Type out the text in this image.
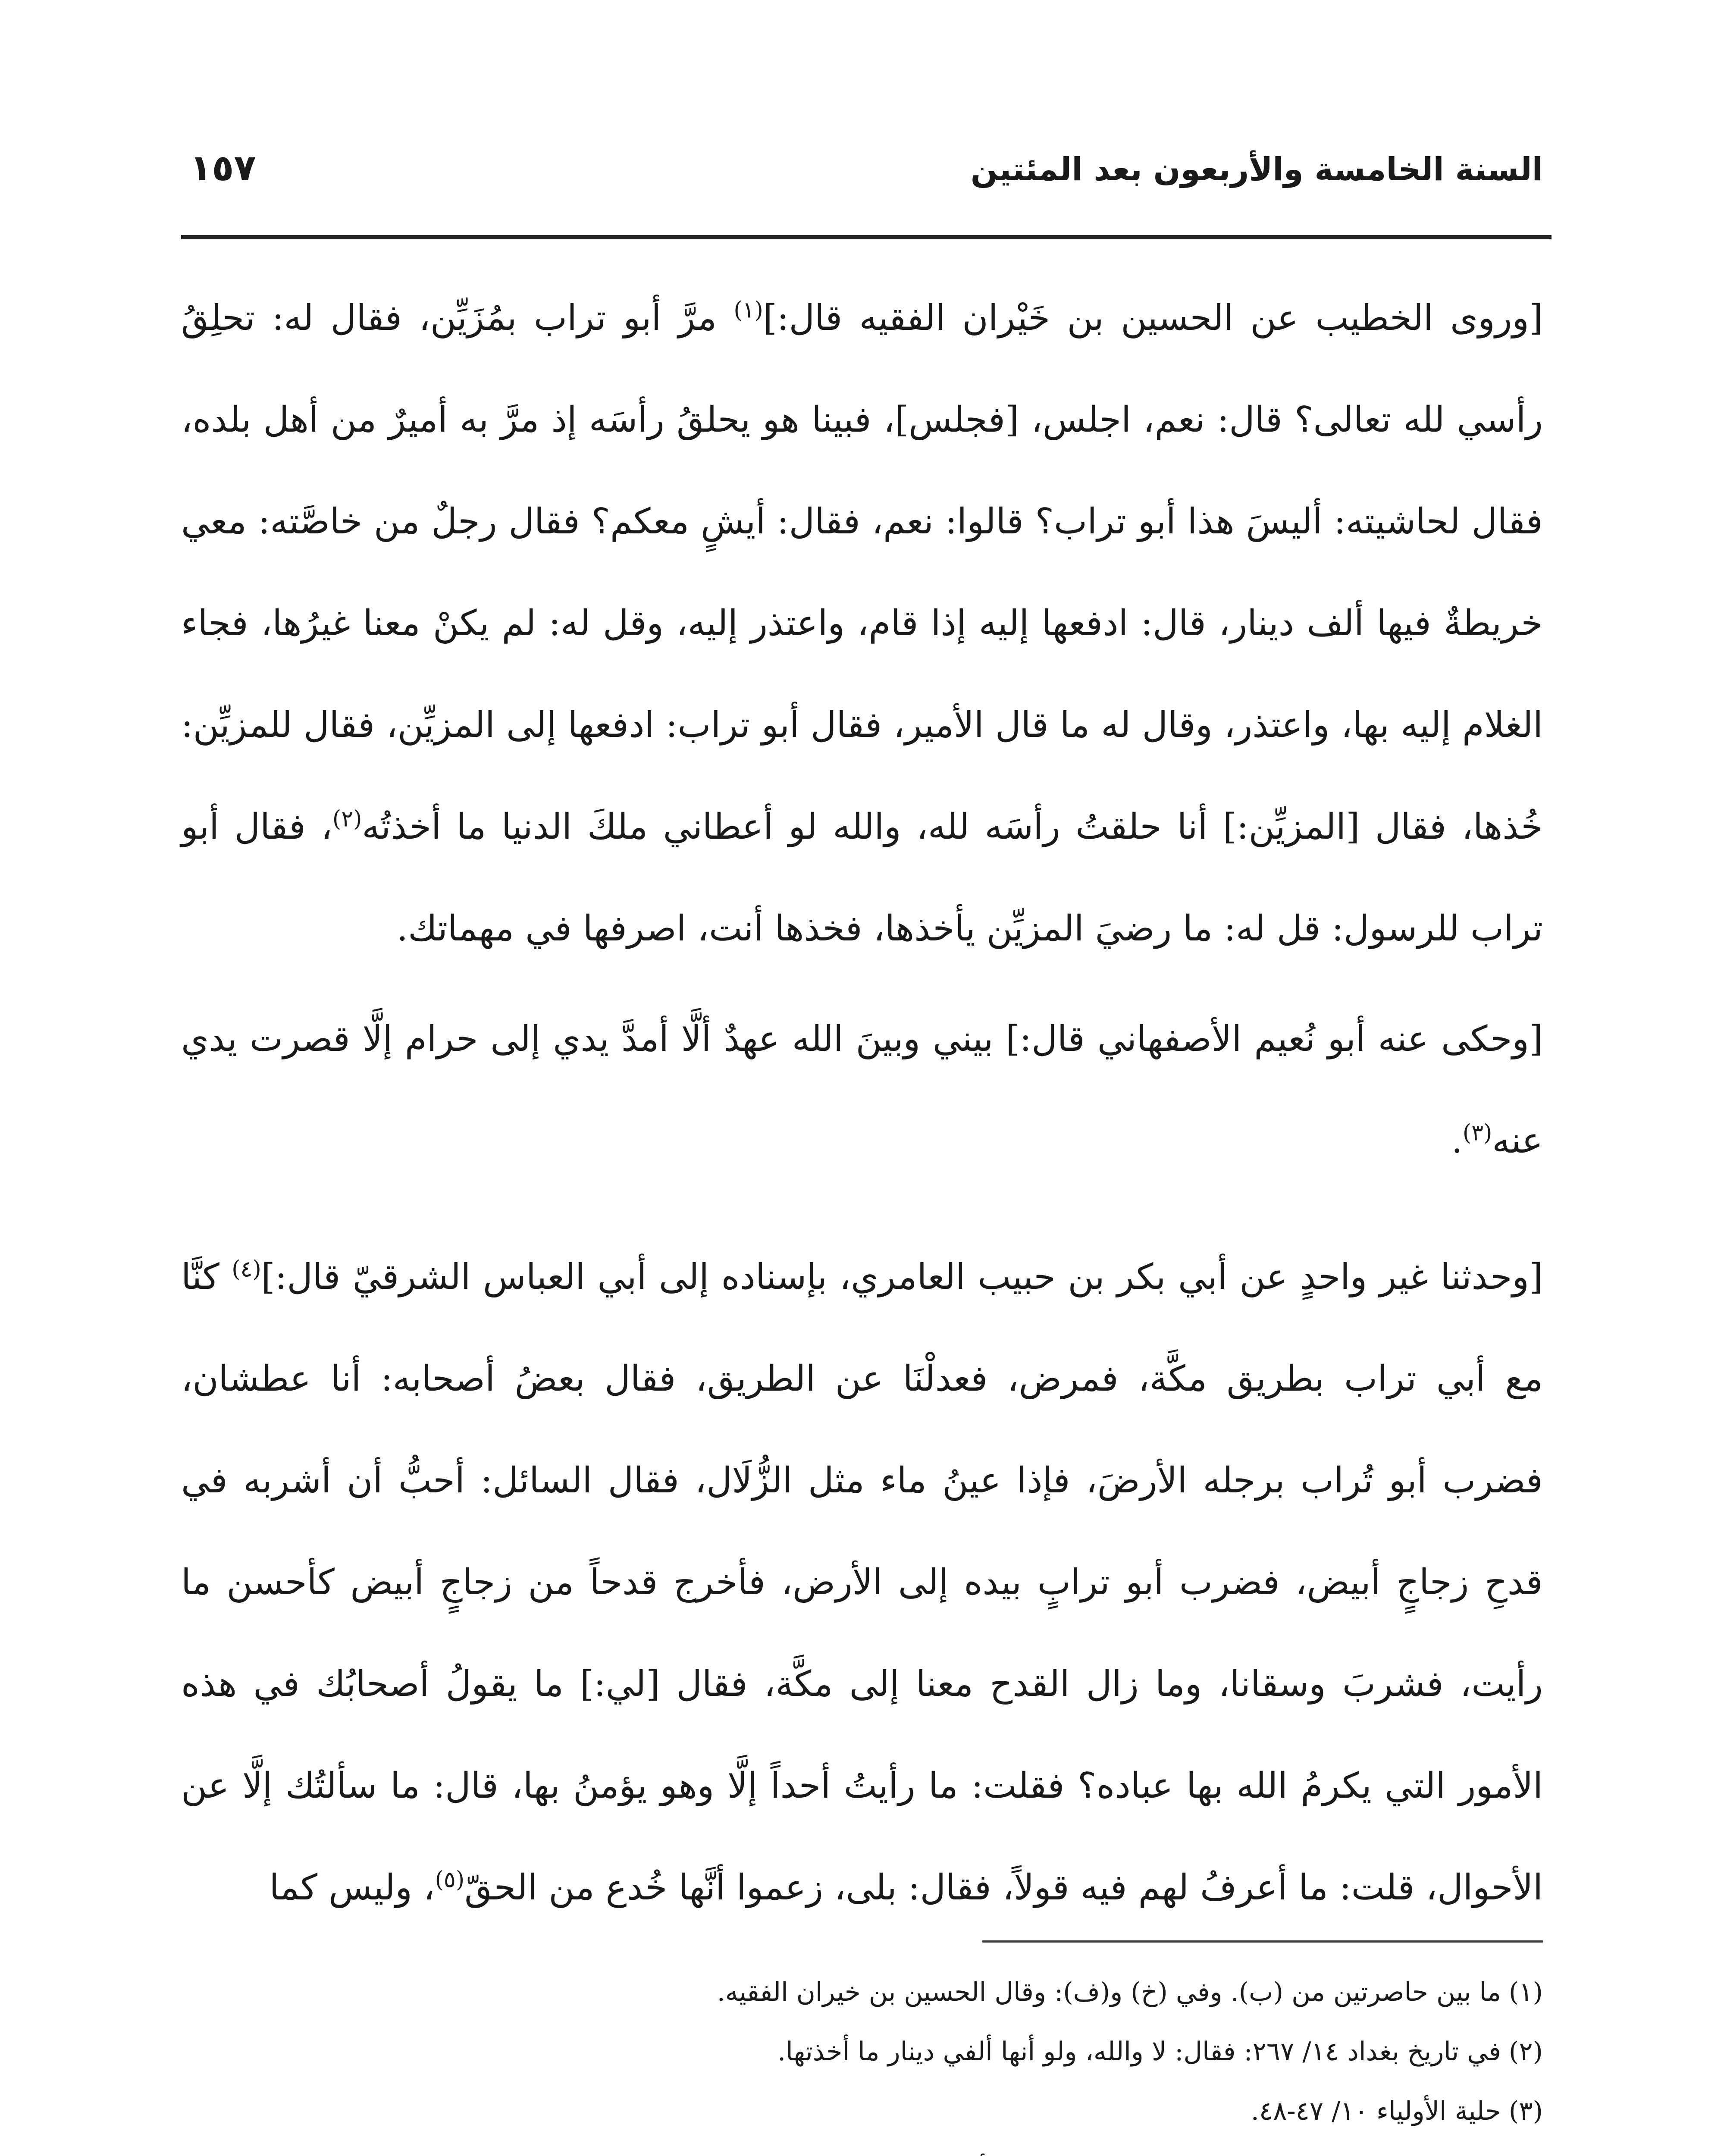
السنة الخامسة والأربعون بعد المئتين
١٥٧

[وروى الخطيب عن الحسين بن خَيْران الفقيه قال:]$^{(١)}$ مرَّ أبو تراب بمُزَيِّن، فقال له: تحلِقُ رأسي لله تعالى؟ قال: نعم، اجلس، [فجلس]، فبينا هو يحلقُ رأسَه إذ مرَّ به أميرٌ من أهل بلده، فقال لحاشيته: أليسَ هذا أبو تراب؟ قالوا: نعم، فقال: أيشٍ معكم؟ فقال رجلٌ من خاصَّته: معي خريطةٌ فيها ألف دينار، قال: ادفعها إليه إذا قام، واعتذر إليه، وقل له: لم يكنْ معنا غيرُها، فجاء الغلام إليه بها، واعتذر، وقال له ما قال الأمير، فقال أبو تراب: ادفعها إلى المزيِّن، فقال للمزيِّن: خُذها، فقال [المزيِّن:] أنا حلقتُ رأسَه لله، والله لو أعطاني ملكَ الدنيا ما أخذتُه$^{(٢)}$، فقال أبو تراب للرسول: قل له: ما رضيَ المزيِّن يأخذها، فخذها أنت، اصرفها في مهماتك.

[وحكى عنه أبو نُعيم الأصفهاني قال:] بيني وبينَ الله عهدٌ ألَّا أمدَّ يدي إلى حرام إلَّا قصرت يدي عنه$^{(٣)}$.

[وحدثنا غير واحدٍ عن أبي بكر بن حبيب العامري، بإسناده إلى أبي العباس الشرقيّ قال:]$^{(٤)}$ كنَّا مع أبي تراب بطريق مكَّة، فمرض، فعدلْنَا عن الطريق، فقال بعضُ أصحابه: أنا عطشان، فضرب أبو تُراب برجله الأرضَ، فإذا عينُ ماء مثل الزُّلَال، فقال السائل: أحبُّ أن أشربه في قدحِ زجاجٍ أبيض، فضرب أبو ترابٍ بيده إلى الأرض، فأخرج قدحاً من زجاجٍ أبيض كأحسن ما رأيت، فشربَ وسقانا، وما زال القدح معنا إلى مكَّة، فقال [لي:] ما يقولُ أصحابُك في هذه الأمور التي يكرمُ الله بها عباده؟ فقلت: ما رأيتُ أحداً إلَّا وهو يؤمنُ بها، قال: ما سألتُك إلَّا عن الأحوال، قلت: ما أعرفُ لهم فيه قولاً، فقال: بلى، زعموا أنَّها خُدع من الحقّ$^{(٥)}$، وليس كما

(١)ما بين حاصرتين من (ب). وفي (خ) و(ف): وقال الحسين بن خيران الفقيه.

(٢)في تاريخ بغداد ١٤/ ٢٦٧: فقال: لا والله، ولو أنها ألفي دينار ما أخذتها.

(٣)حلية الأولياء ١٠/ ٤٧-٤٨.
